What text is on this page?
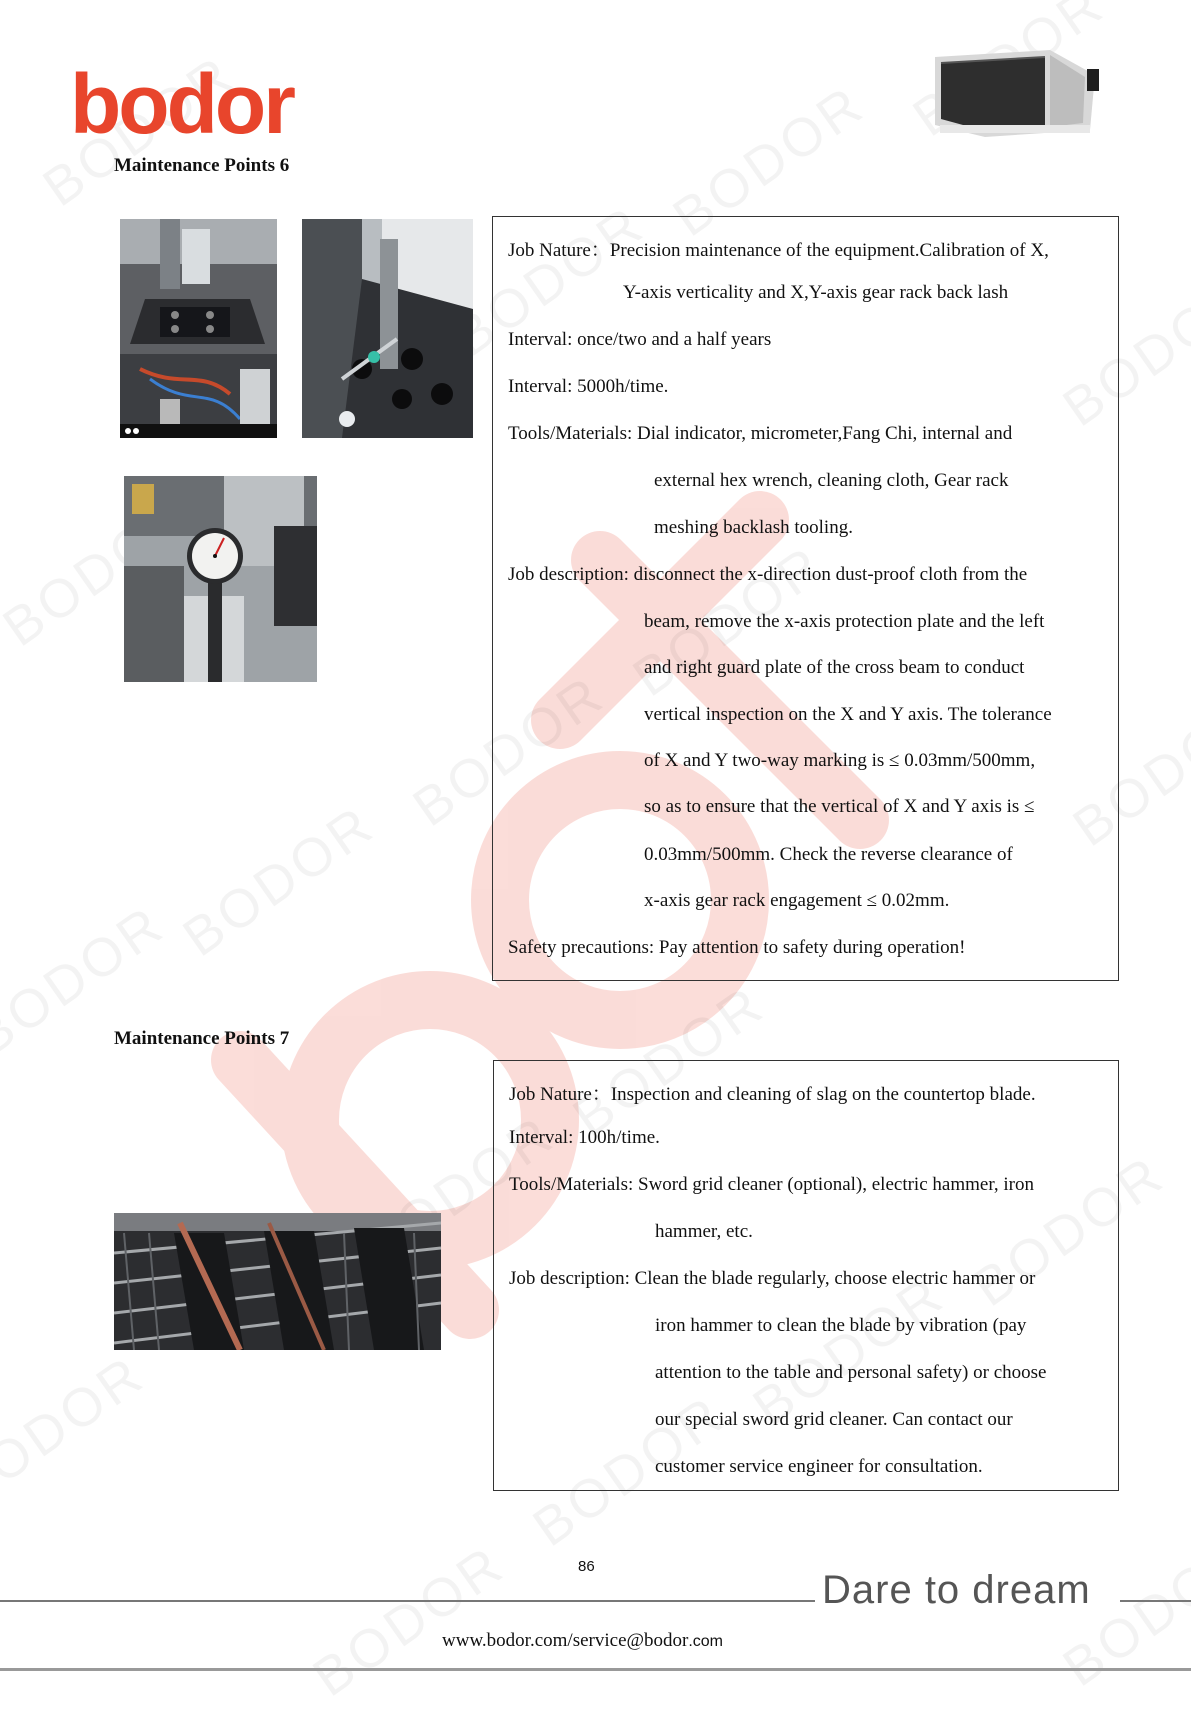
bodor
Maintenance Points 6
Job Nature：Precision maintenance of the equipment.Calibration of X,
Y-axis verticality and X,Y-axis gear rack back lash
Interval: once/two and a half years
Interval: 5000h/time.
Tools/Materials: Dial indicator, micrometer,Fang Chi, internal and
external hex wrench, cleaning cloth, Gear rack
meshing backlash tooling.
Job description: disconnect the x-direction dust-proof cloth from the
beam, remove the x-axis protection plate and the left
and right guard plate of the cross beam to conduct
vertical inspection on the X and Y axis. The tolerance
of X and Y two-way marking is ≤ 0.03mm/500mm,
so as to ensure that the vertical of X and Y axis is ≤
0.03mm/500mm. Check the reverse clearance of
x-axis gear rack engagement ≤ 0.02mm.
Safety precautions: Pay attention to safety during operation!
Maintenance Points 7
Job Nature：Inspection and cleaning of slag on the countertop blade.
Interval: 100h/time.
Tools/Materials: Sword grid cleaner (optional), electric hammer, iron
hammer, etc.
Job description: Clean the blade regularly, choose electric hammer or
iron hammer to clean the blade by vibration (pay
attention to the table and personal safety) or choose
our special sword grid cleaner. Can contact our
customer service engineer for consultation.
86
Dare to dream
www.bodor.com/service@bodor.com
